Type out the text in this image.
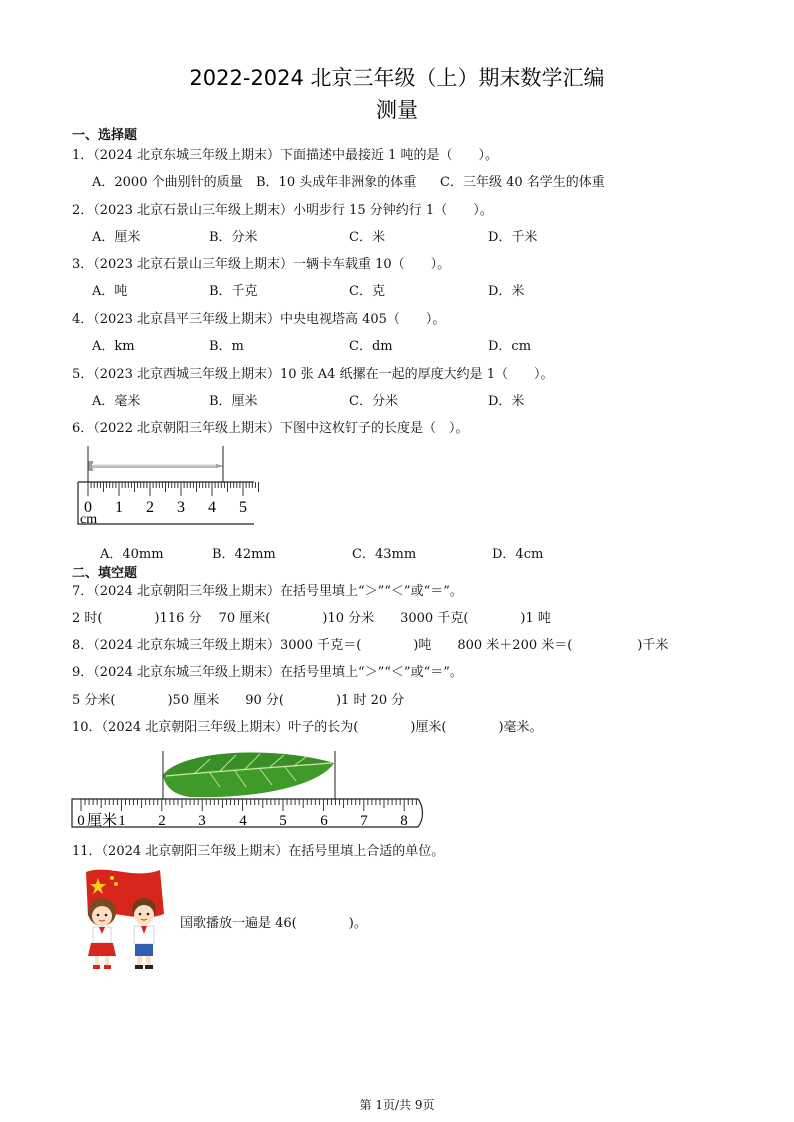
2022-2024 北京三年级（上）期末数学汇编
测量
一、选择题
1．（2024 北京东城三年级上期末）下面描述中最接近 1 吨的是（　　）。
A．2000 个曲别针的质量 B．10 头成年非洲象的体重 C．三年级 40 名学生的体重
2．（2023 北京石景山三年级上期末）小明步行 15 分钟约行 1（　　）。
A．厘米	B．分米	C．米	D．千米
3．（2023 北京石景山三年级上期末）一辆卡车载重 10（　　）。
A．吨	B．千克	C．克	D．米
4．（2023 北京昌平三年级上期末）中央电视塔高 405（　　）。
A．km	B．m	C．dm	D．cm
5．（2023 北京西城三年级上期末）10 张 A4 纸摞在一起的厚度大约是 1（　　）。
A．毫米	B．厘米	C．分米	D．米
6．（2022 北京朝阳三年级上期末）下图中这枚钉子的长度是（　）。
0 1 2 3 4 5
cm
A．40mm	B．42mm	C．43mm	D．4cm
二、填空题
7．（2024 北京朝阳三年级上期末）在括号里填上“＞”“＜”或“＝”。
2 时(　　　　)116 分　 70 厘米(　　　　)10 分米　　3000 千克(　　　　)1 吨
8．（2024 北京东城三年级上期末）3000 千克＝(　　　　)吨　　800 米＋200 米＝(　　　　　)千米
9．（2024 北京东城三年级上期末）在括号里填上“＞”“＜”或“＝”。
5 分米(　　　　)50 厘米　　90 分(　　　　)1 时 20 分
10．（2024 北京朝阳三年级上期末）叶子的长为(　　　　)厘米(　　　　)毫米。
0 1 2 3 4 5 6 7 8
厘米
11．（2024 北京朝阳三年级上期末）在括号里填上合适的单位。
国歌播放一遍是 46(　　　　)。
第 1页/共 9页
